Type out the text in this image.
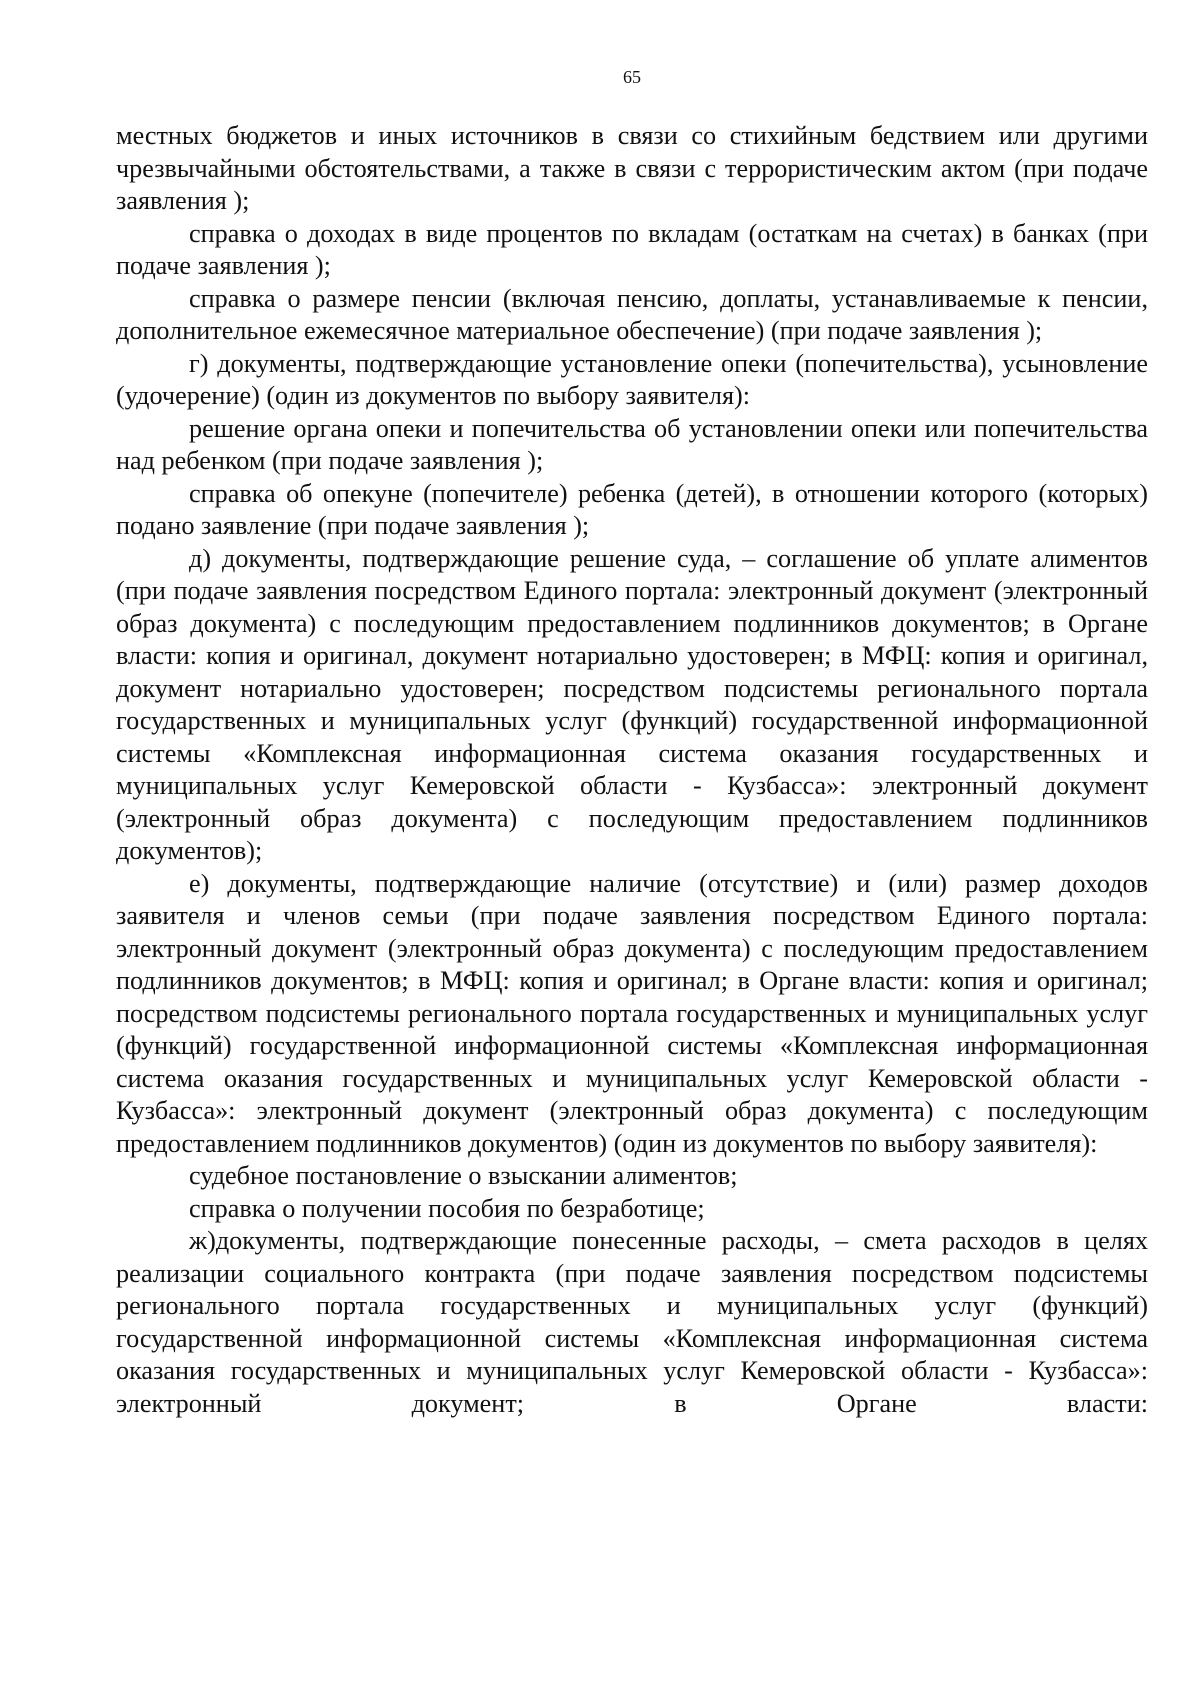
65

местных бюджетов и иных источников в связи со стихийным бедствием или другими чрезвычайными обстоятельствами, а также в связи с террористическим актом (при подаче заявления );

справка о доходах в виде процентов по вкладам (остаткам на счетах) в банках (при подаче заявления );

справка о размере пенсии (включая пенсию, доплаты, устанавливаемые к пенсии, дополнительное ежемесячное материальное обеспечение) (при подаче заявления );

г) документы, подтверждающие установление опеки (попечительства), усыновление (удочерение) (один из документов по выбору заявителя):

решение органа опеки и попечительства об установлении опеки или попечительства над ребенком (при подаче заявления );

справка об опекуне (попечителе) ребенка (детей), в отношении которого (которых) подано заявление (при подаче заявления );

д) документы, подтверждающие решение суда, – соглашение об уплате алиментов (при подаче заявления посредством Единого портала: электронный документ (электронный образ документа) с последующим предоставлением подлинников документов; в Органе власти: копия и оригинал, документ нотариально удостоверен; в МФЦ: копия и оригинал, документ нотариально удостоверен; посредством подсистемы регионального портала государственных и муниципальных услуг (функций) государственной информационной системы «Комплексная информационная система оказания государственных и муниципальных услуг Кемеровской области - Кузбасса»: электронный документ (электронный образ документа) с последующим предоставлением подлинников документов);

е) документы, подтверждающие наличие (отсутствие) и (или) размер доходов заявителя и членов семьи (при подаче заявления посредством Единого портала: электронный документ (электронный образ документа) с последующим предоставлением подлинников документов; в МФЦ: копия и оригинал; в Органе власти: копия и оригинал; посредством подсистемы регионального портала государственных и муниципальных услуг (функций) государственной информационной системы «Комплексная информационная система оказания государственных и муниципальных услуг Кемеровской области - Кузбасса»: электронный документ (электронный образ документа) с последующим предоставлением подлинников документов) (один из документов по выбору заявителя):

судебное постановление о взыскании алиментов;

справка о получении пособия по безработице;

ж)документы, подтверждающие понесенные расходы, – смета расходов в целях реализации социального контракта (при подаче заявления посредством подсистемы регионального портала государственных и муниципальных услуг (функций) государственной информационной системы «Комплексная информационная система оказания государственных и муниципальных услуг Кемеровской области - Кузбасса»: электронный документ; в Органе власти:
